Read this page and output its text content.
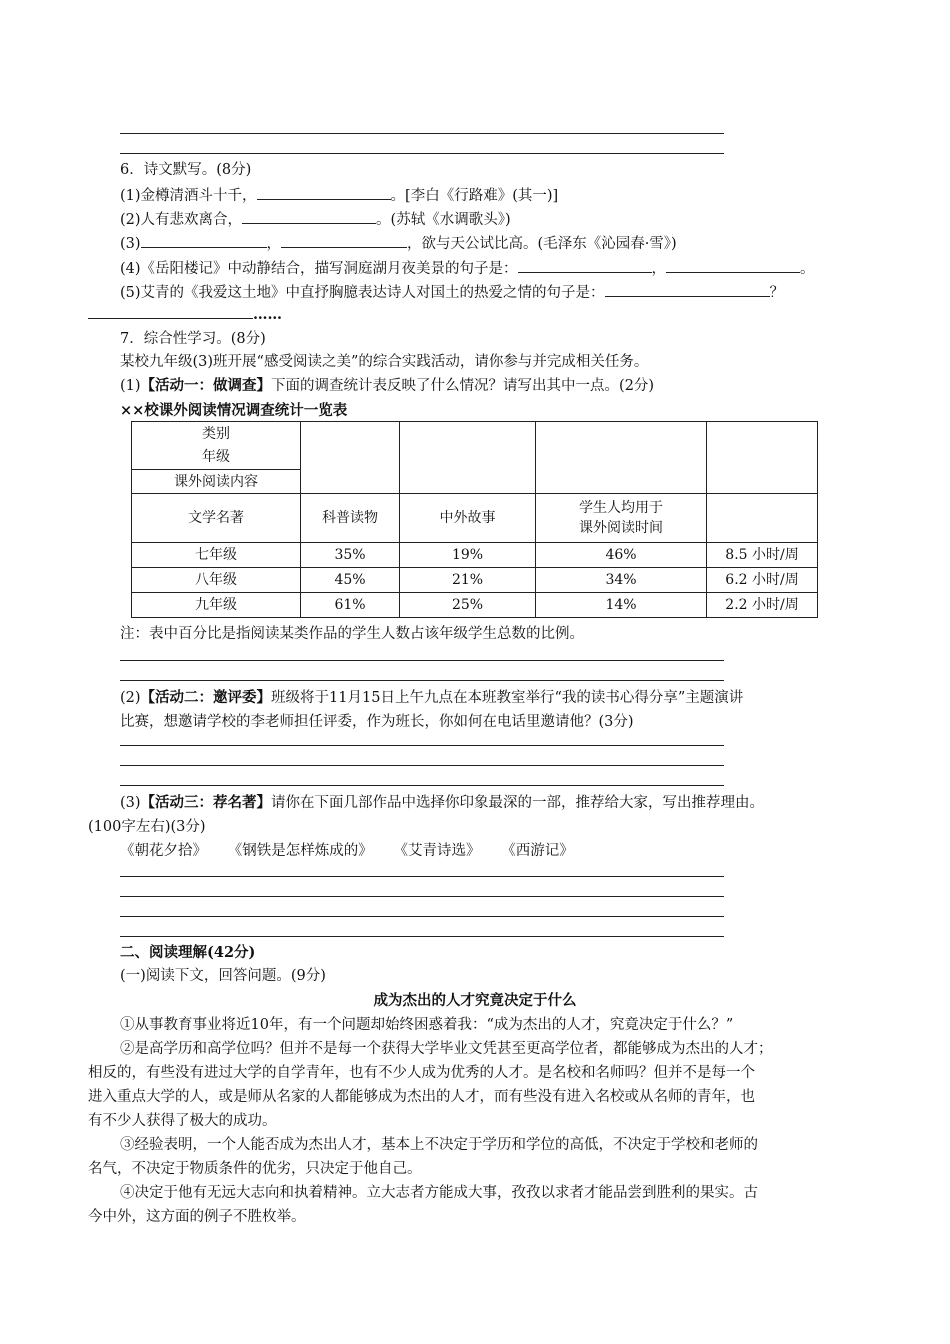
6．诗文默写。(8分)
(1)金樽清酒斗十千，	。[李白《行路难》(其一)]
(2)人有悲欢离合，	。(苏轼《水调歌头》)
(3)	，	，欲与天公试比高。(毛泽东《沁园春·雪》)
(4)《岳阳楼记》中动静结合，描写洞庭湖月夜美景的句子是：	，	。
(5)艾青的《我爱这土地》中直抒胸臆表达诗人对国土的热爱之情的句子是：	？
……
7．综合性学习。(8分)
某校九年级(3)班开展“感受阅读之美”的综合实践活动，请你参与并完成相关任务。
(1)【活动一：做调查】下面的调查统计表反映了什么情况？请写出其中一点。(2分)
××校课外阅读情况调查统计一览表
类别				
年级				
课外阅读内容				
文学名著	科普读物	中外故事	学生人均用于
课外阅读时间	
七年级	35%	19%	46%	8.5 小时/周
八年级	45%	21%	34%	6.2 小时/周
九年级	61%	25%	14%	2.2 小时/周
注：表中百分比是指阅读某类作品的学生人数占该年级学生总数的比例。
(2)【活动二：邀评委】班级将于11月15日上午九点在本班教室举行“我的读书心得分享”主题演讲
比赛，想邀请学校的李老师担任评委，作为班长，你如何在电话里邀请他？(3分)
(3)【活动三：荐名著】请你在下面几部作品中选择你印象最深的一部，推荐给大家，写出推荐理由。
(100字左右)(3分)
《朝花夕拾》 《钢铁是怎样炼成的》 《艾青诗选》 《西游记》
二、阅读理解(42分)
(一)阅读下文，回答问题。(9分)
成为杰出的人才究竟决定于什么
①从事教育事业将近10年，有一个问题却始终困惑着我：“成为杰出的人才，究竟决定于什么？”
②是高学历和高学位吗？但并不是每一个获得大学毕业文凭甚至更高学位者，都能够成为杰出的人才；
相反的，有些没有进过大学的自学青年，也有不少人成为优秀的人才。是名校和名师吗？但并不是每一个
进入重点大学的人，或是师从名家的人都能够成为杰出的人才，而有些没有进入名校或从名师的青年，也
有不少人获得了极大的成功。
③经验表明，一个人能否成为杰出人才，基本上不决定于学历和学位的高低，不决定于学校和老师的
名气，不决定于物质条件的优劣，只决定于他自己。
④决定于他有无远大志向和执着精神。立大志者方能成大事，孜孜以求者才能品尝到胜利的果实。古
今中外，这方面的例子不胜枚举。
